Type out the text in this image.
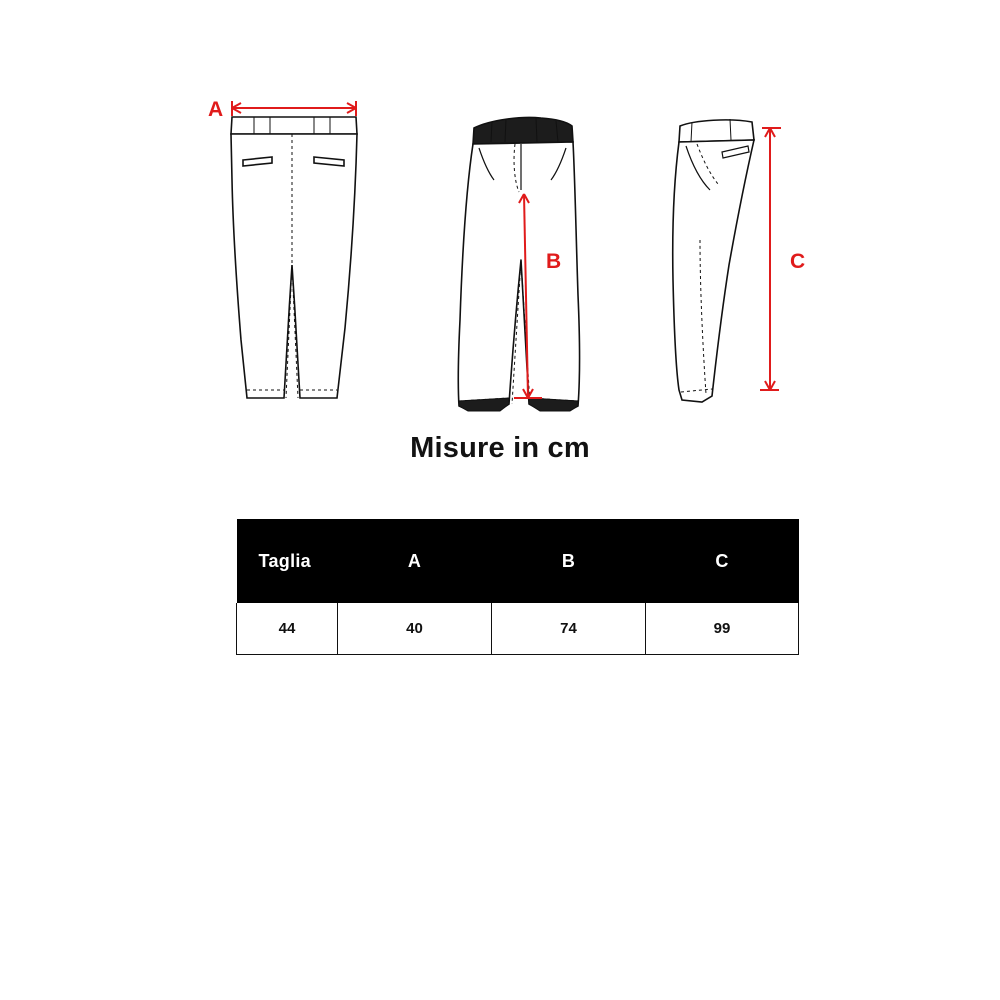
A
B	C
Misure in cm
Taglia	A	B	C
44	40	74	99
